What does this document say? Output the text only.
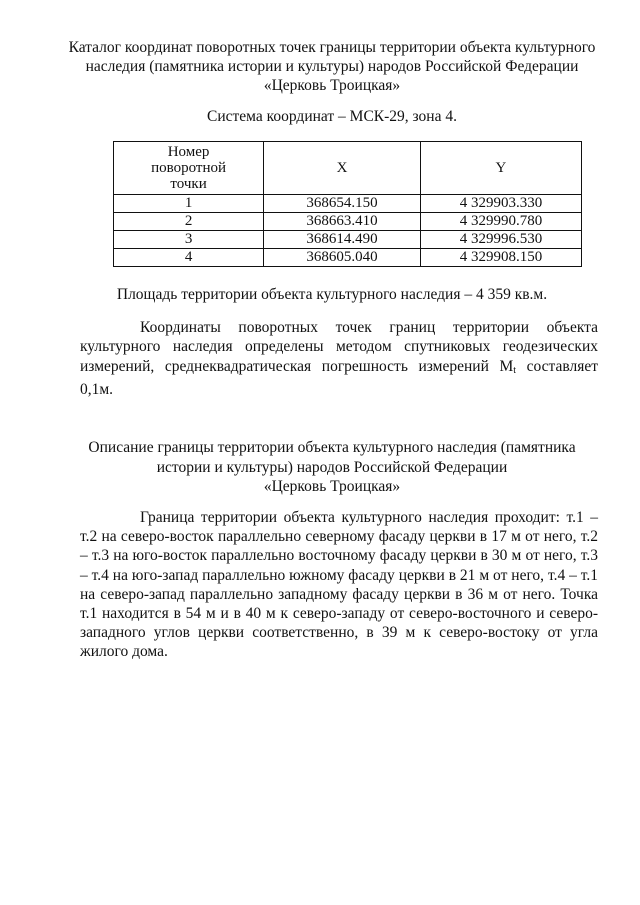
Каталог координат поворотных точек границы территории объекта культурного наследия (памятника истории и культуры) народов Российской Федерации «Церковь Троицкая»
Система координат – МСК-29, зона 4.
Номер поворотной точки	X	Y
1	368654.150	4 329903.330
2	368663.410	4 329990.780
3	368614.490	4 329996.530
4	368605.040	4 329908.150
Площадь территории объекта культурного наследия – 4 359 кв.м.

Координаты поворотных точек границ территории объекта культурного наследия определены методом спутниковых геодезических измерений, среднеквадратическая погрешность измерений $M_t$ составляет 0,1м.

Описание границы территории объекта культурного наследия (памятника
истории и культуры) народов Российской Федерации
«Церковь Троицкая»

Граница территории объекта культурного наследия проходит: т.1 – т.2 на северо-восток параллельно северному фасаду церкви в 17 м от него, т.2 – т.3 на юго-восток параллельно восточному фасаду церкви в 30 м от него, т.3 – т.4 на юго-запад параллельно южному фасаду церкви в 21 м от него, т.4 – т.1 на северо-запад параллельно западному фасаду церкви в 36 м от него. Точка т.1 находится в 54 м и в 40 м к северо-западу от северо-восточного и северо-западного углов церкви соответственно, в 39 м к северо-востоку от угла жилого дома.
